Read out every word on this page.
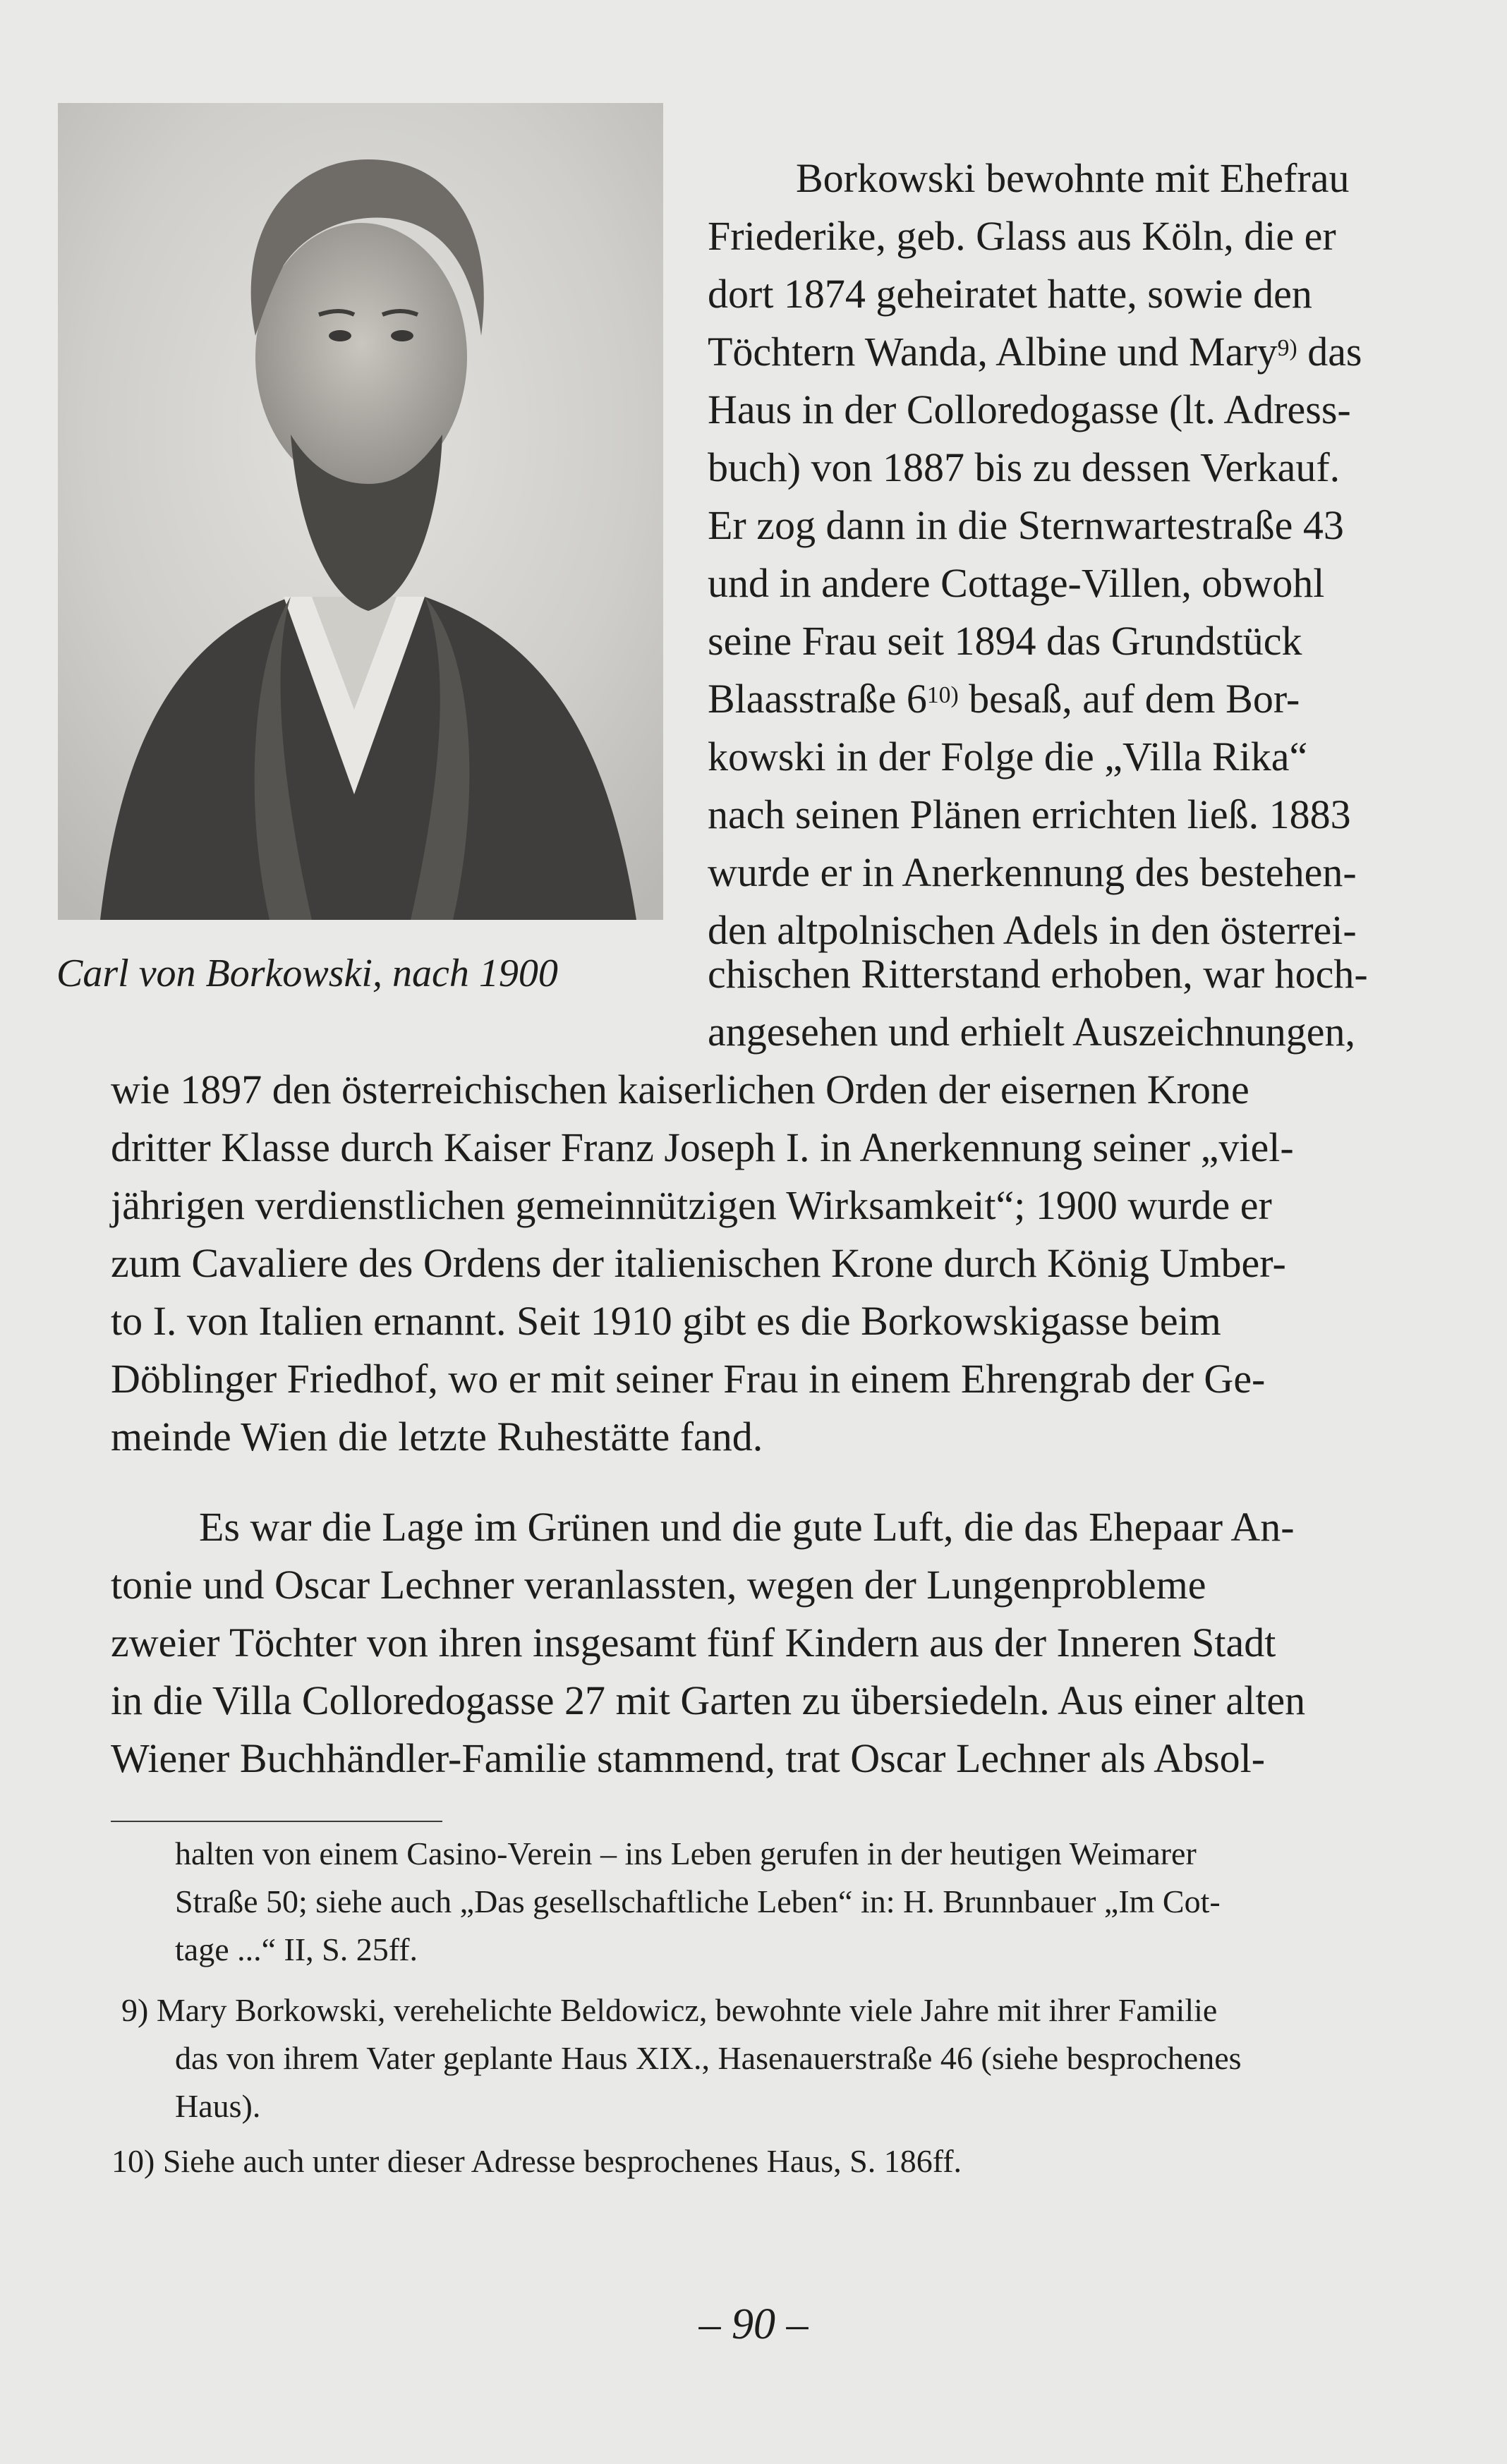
Carl von Borkowski, nach 1900
Borkowski bewohnte mit Ehefrau
Friederike, geb. Glass aus Köln, die er
dort 1874 geheiratet hatte, sowie den
Töchtern Wanda, Albine und Mary$^{9)}$ das
Haus in der Colloredogasse (lt. Adress-
buch) von 1887 bis zu dessen Verkauf.
Er zog dann in die Sternwartestraße 43
und in andere Cottage-Villen, obwohl
seine Frau seit 1894 das Grundstück
Blaasstraße 6$^{10)}$ besaß, auf dem Bor-
kowski in der Folge die „Villa Rika“
nach seinen Plänen errichten ließ. 1883
wurde er in Anerkennung des bestehen-
den altpolnischen Adels in den österrei-
chischen Ritterstand erhoben, war hoch-
angesehen und erhielt Auszeichnungen,
wie 1897 den österreichischen kaiserlichen Orden der eisernen Krone
dritter Klasse durch Kaiser Franz Joseph I. in Anerkennung seiner „viel-
jährigen verdienstlichen gemeinnützigen Wirksamkeit“; 1900 wurde er
zum Cavaliere des Ordens der italienischen Krone durch König Umber-
to I. von Italien ernannt. Seit 1910 gibt es die Borkowskigasse beim
Döblinger Friedhof, wo er mit seiner Frau in einem Ehrengrab der Ge-
meinde Wien die letzte Ruhestätte fand.
Es war die Lage im Grünen und die gute Luft, die das Ehepaar An-
tonie und Oscar Lechner veranlassten, wegen der Lungenprobleme
zweier Töchter von ihren insgesamt fünf Kindern aus der Inneren Stadt
in die Villa Colloredogasse 27 mit Garten zu übersiedeln. Aus einer alten
Wiener Buchhändler-Familie stammend, trat Oscar Lechner als Absol-
halten von einem Casino-Verein – ins Leben gerufen in der heutigen Weimarer
Straße 50; siehe auch „Das gesellschaftliche Leben“ in: H. Brunnbauer „Im Cot-
tage ...“ II, S. 25ff.
9) Mary Borkowski, verehelichte Beldowicz, bewohnte viele Jahre mit ihrer Familie
das von ihrem Vater geplante Haus XIX., Hasenauerstraße 46 (siehe besprochenes
Haus).
10) Siehe auch unter dieser Adresse besprochenes Haus, S. 186ff.
– 90 –
